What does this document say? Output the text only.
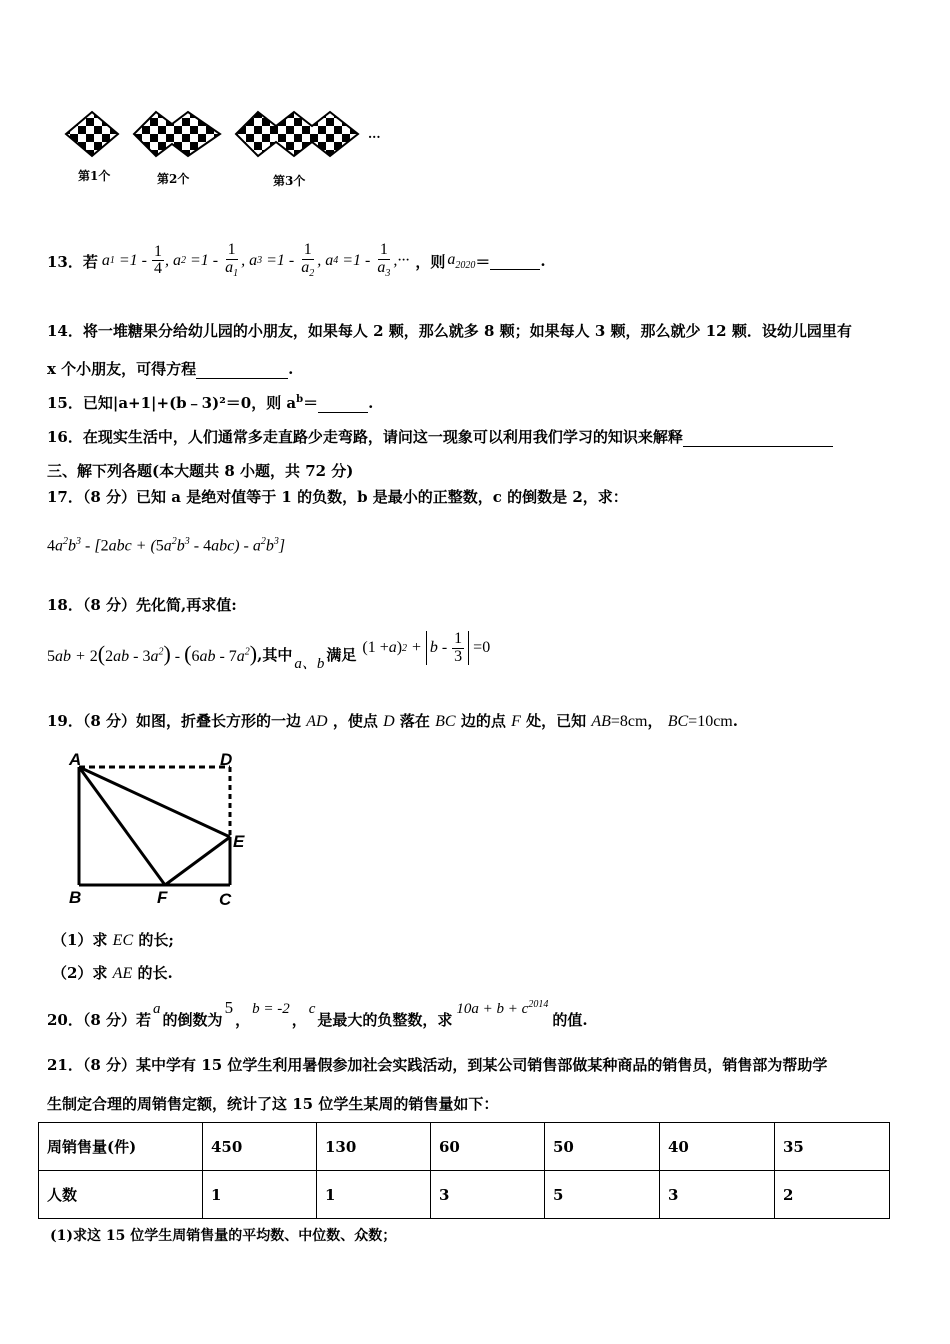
···
第1个	第2个	第3个
13．若 a $1 =1 - \frac{1}{4}$ , a $2 =1 - \frac{1}{a_1}$ , a $3 =1 - \frac{1}{a_2}$ , a $4 =1 - \frac{1}{a_3}$ ,··· ，则 $a_{2020}$ ＝	.
14．将一堆糖果分给幼儿园的小朋友，如果每人 2 颗，那么就多 8 颗；如果每人 3 颗，那么就少 12 颗．设幼儿园里有
x 个小朋友，可得方程	.
15．已知|a+1|+(b﹣3)²＝0，则 $a^b=$	.
16．在现实生活中，人们通常多走直路少走弯路，请问这一现象可以利用我们学习的知识来解释
三、解下列各题(本大题共 8 小题，共 72 分)
17．（8 分）已知 a 是绝对值等于 1 的负数，b 是最小的正整数，c 的倒数是 2，求：
$4a^2b^3 - [2abc + (5a^2b^3 - 4abc) - a^2b^3]$
18．（8 分）先化简,再求值:
$5ab + 2(2ab - 3a^2) - (6ab - 7a^2)$ ,其中 a、b 满足 (1 + a ) $2 + b - \frac{1}{3}$
=0
19．（8 分）如图，折叠长方形的一边 AD ，使点 D 落在 BC 边的点 F 处，已知 AB=8cm， BC=10cm.
A	D
E
B	F	C
（1）求 EC 的长;
（2）求 AE 的长.
20．（8 分）若
a
的倒数为
5
，
b = -2
，
c
是最大的负整数，求
$10a + b + c^{2014}$
的值.
21．（8 分）某中学有 15 位学生利用暑假参加社会实践活动，到某公司销售部做某种商品的销售员，销售部为帮助学
生制定合理的周销售定额，统计了这 15 位学生某周的销售量如下：
周销售量(件)	450	130	60	50	40	35
人数	1	1	3	5	3	2
(1)求这 15 位学生周销售量的平均数、中位数、众数；
